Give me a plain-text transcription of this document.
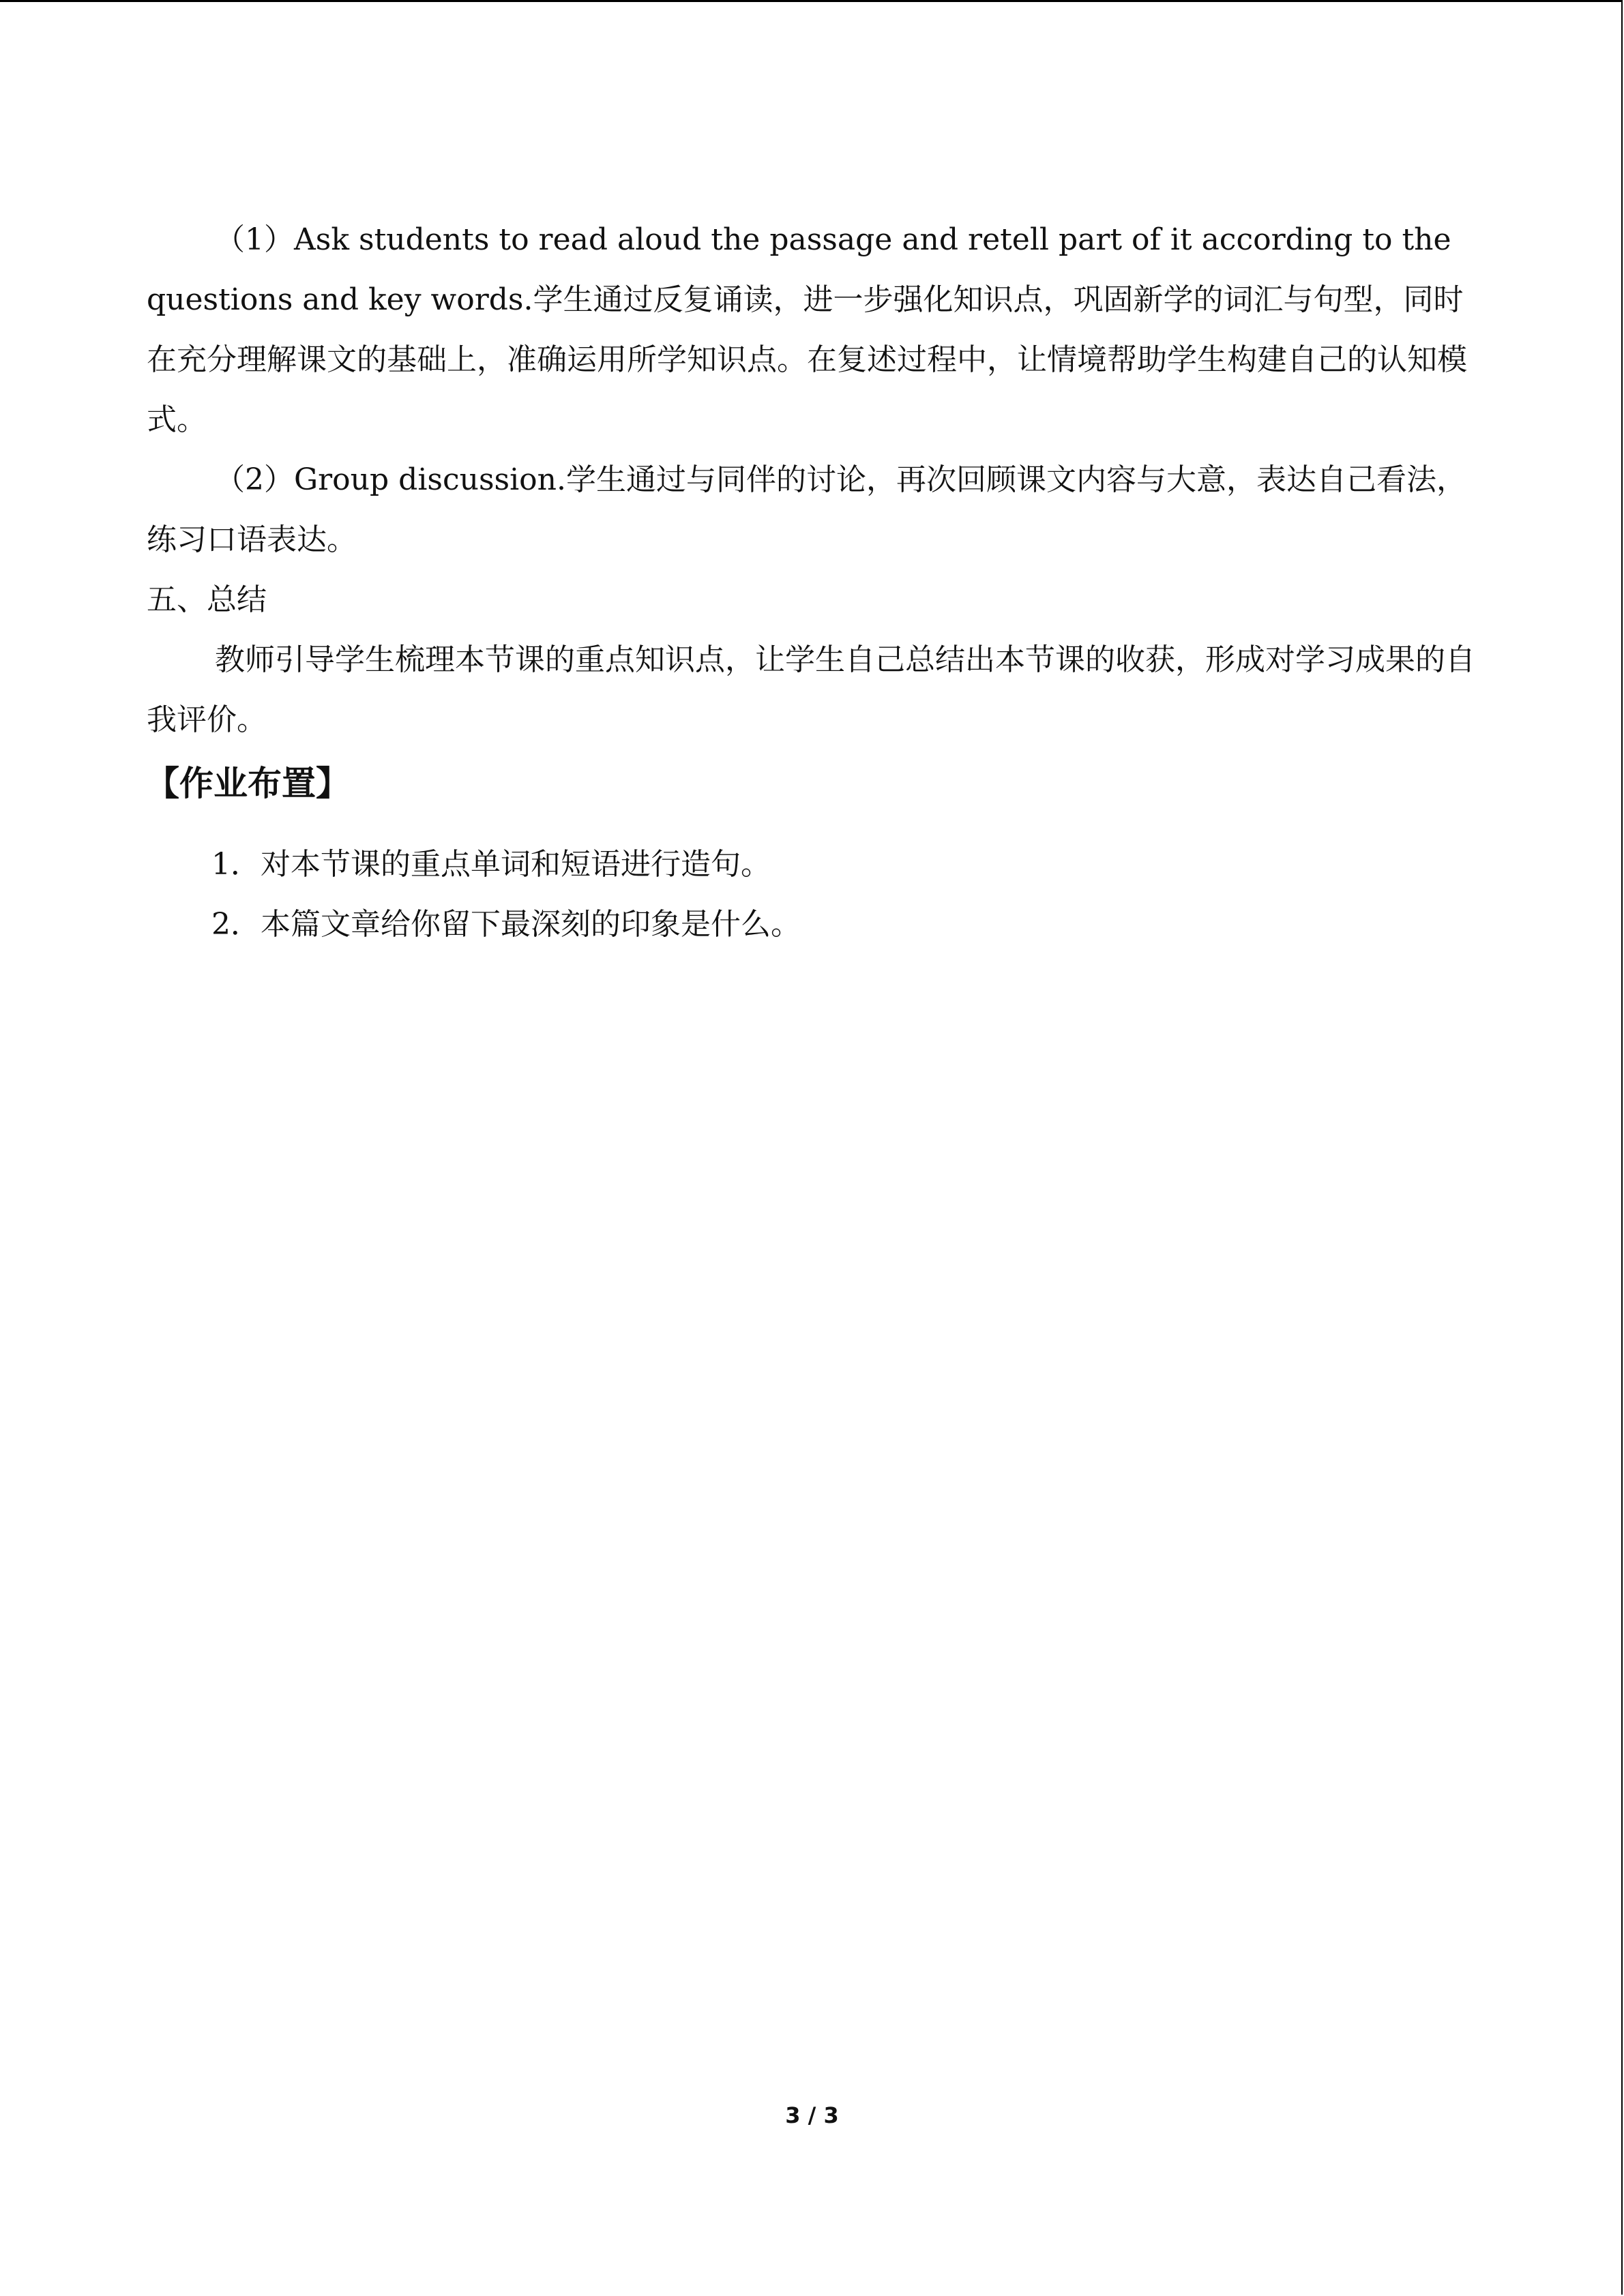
（1）Ask students to read aloud the passage and retell part of it according to the questions and key words.学生通过反复诵读，进一步强化知识点，巩固新学的词汇与句型，同时在充分理解课文的基础上，准确运用所学知识点。在复述过程中，让情境帮助学生构建自己的认知模式。

（2）Group discussion.学生通过与同伴的讨论，再次回顾课文内容与大意，表达自己看法，练习口语表达。

五、总结

教师引导学生梳理本节课的重点知识点，让学生自己总结出本节课的收获，形成对学习成果的自我评价。

【作业布置】
1．对本节课的重点单词和短语进行造句。
2．本篇文章给你留下最深刻的印象是什么。
3 / 3
